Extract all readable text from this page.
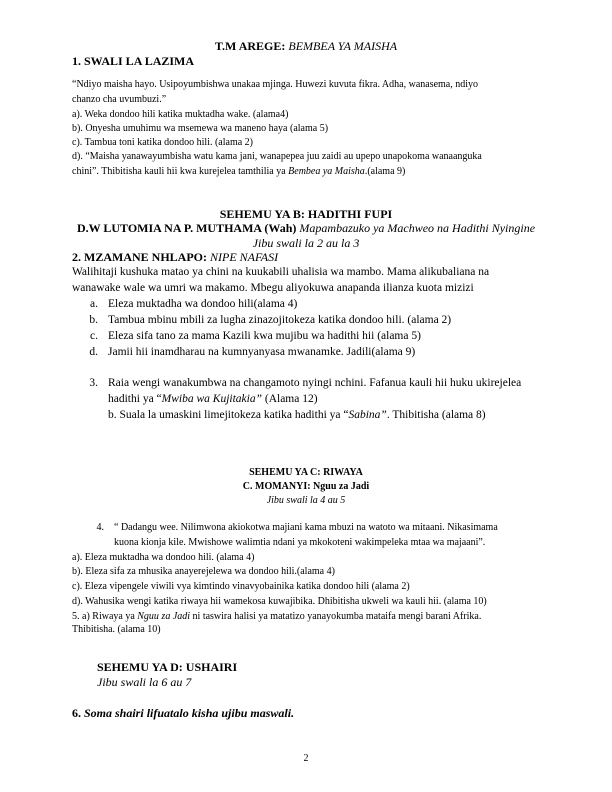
T.M AREGE: BEMBEA YA MAISHA
1. SWALI LA LAZIMA
“Ndiyo maisha hayo. Usipoyumbishwa unakaa mjinga. Huwezi kuvuta fikra. Adha, wanasema, ndiyo
chanzo cha uvumbuzi.”
a). Weka dondoo hili katika muktadha wake. (alama4)
b). Onyesha umuhimu wa msemewa wa maneno haya (alama 5)
c). Tambua toni katika dondoo hili. (alama 2)
d). “Maisha yanawayumbisha watu kama jani, wanapepea juu zaidi au upepo unapokoma wanaanguka
chini”. Thibitisha kauli hii kwa kurejelea tamthilia ya Bembea ya Maisha.(alama 9)
SEHEMU YA B: HADITHI FUPI
D.W LUTOMIA NA P. MUTHAMA (Wah) Mapambazuko ya Machweo na Hadithi Nyingine
Jibu swali la 2 au la 3
2. MZAMANE NHLAPO: NIPE NAFASI
Walihitaji kushuka matao ya chini na kuukabili uhalisia wa mambo. Mama alikubaliana na
wanawake wale wa umri wa makamo. Mbegu aliyokuwa anapanda ilianza kuota mizizi
a. Eleza muktadha wa dondoo hili(alama 4)
b. Tambua mbinu mbili za lugha zinazojitokeza katika dondoo hili. (alama 2)
c. Eleza sifa tano za mama Kazili kwa mujibu wa hadithi hii (alama 5)
d. Jamii hii inamdharau na kumnyanyasa mwanamke. Jadili(alama 9)
3. Raia wengi wanakumbwa na changamoto nyingi nchini. Fafanua kauli hii huku ukirejelea
hadithi ya “Mwiba wa Kujitakia” (Alama 12)
b. Suala la umaskini limejitokeza katika hadithi ya “Sabina”. Thibitisha (alama 8)
SEHEMU YA C: RIWAYA
C. MOMANYI: Nguu za Jadi
Jibu swali la 4 au 5
4. “ Dadangu wee. Nilimwona akiokotwa majiani kama mbuzi na watoto wa mitaani. Nikasimama
kuona kionja kile. Mwishowe walimtia ndani ya mkokoteni wakimpeleka mtaa wa majaani”.
a). Eleza muktadha wa dondoo hili. (alama 4)
b). Eleza sifa za mhusika anayerejelewa wa dondoo hili.(alama 4)
c). Eleza vipengele viwili vya kimtindo vinavyobainika katika dondoo hili (alama 2)
d). Wahusika wengi katika riwaya hii wamekosa kuwajibika. Dhibitisha ukweli wa kauli hii. (alama 10)
5. a) Riwaya ya Nguu za Jadi ni taswira halisi ya matatizo yanayokumba mataifa mengi barani Afrika.
Thibitisha. (alama 10)
SEHEMU YA D: USHAIRI
Jibu swali la 6 au 7
6. Soma shairi lifuatalo kisha ujibu maswali.
2
